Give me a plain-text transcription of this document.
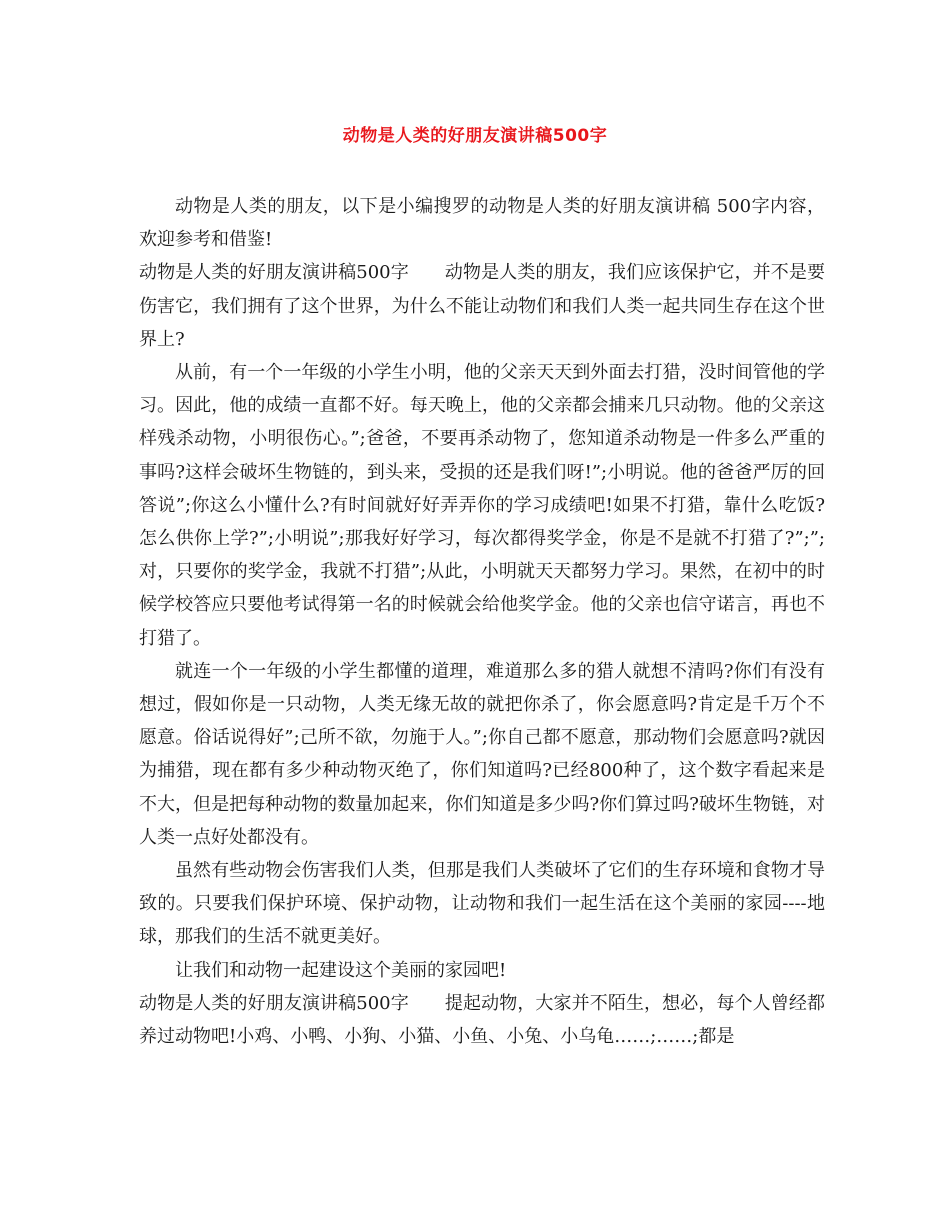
动物是人类的好朋友演讲稿500字

动物是人类的朋友，以下是小编搜罗的动物是人类的好朋友演讲稿 500字内容，欢迎参考和借鉴!

动物是人类的好朋友演讲稿500字 动物是人类的朋友，我们应该保护它，并不是要伤害它，我们拥有了这个世界，为什么不能让动物们和我们人类一起共同生存在这个世界上?

从前，有一个一年级的小学生小明，他的父亲天天到外面去打猎，没时间管他的学习。因此，他的成绩一直都不好。每天晚上，他的父亲都会捕来几只动物。他的父亲这样残杀动物，小明很伤心。”;爸爸，不要再杀动物了，您知道杀动物是一件多么严重的事吗?这样会破坏生物链的，到头来，受损的还是我们呀!”;小明说。他的爸爸严厉的回答说”;你这么小懂什么?有时间就好好弄弄你的学习成绩吧!如果不打猎，靠什么吃饭?怎么供你上学?”;小明说”;那我好好学习，每次都得奖学金，你是不是就不打猎了?”;”;对，只要你的奖学金，我就不打猎”;从此，小明就天天都努力学习。果然，在初中的时候学校答应只要他考试得第一名的时候就会给他奖学金。他的父亲也信守诺言，再也不打猎了。

就连一个一年级的小学生都懂的道理，难道那么多的猎人就想不清吗?你们有没有想过，假如你是一只动物，人类无缘无故的就把你杀了，你会愿意吗?肯定是千万个不愿意。俗话说得好”;己所不欲，勿施于人。”;你自己都不愿意，那动物们会愿意吗?就因为捕猎，现在都有多少种动物灭绝了，你们知道吗?已经800种了，这个数字看起来是不大，但是把每种动物的数量加起来，你们知道是多少吗?你们算过吗?破坏生物链，对人类一点好处都没有。

虽然有些动物会伤害我们人类，但那是我们人类破坏了它们的生存环境和食物才导致的。只要我们保护环境、保护动物，让动物和我们一起生活在这个美丽的家园----地球，那我们的生活不就更美好。

让我们和动物一起建设这个美丽的家园吧!

动物是人类的好朋友演讲稿500字 提起动物，大家并不陌生，想必，每个人曾经都养过动物吧!小鸡、小鸭、小狗、小猫、小鱼、小兔、小乌龟……;……;都是
